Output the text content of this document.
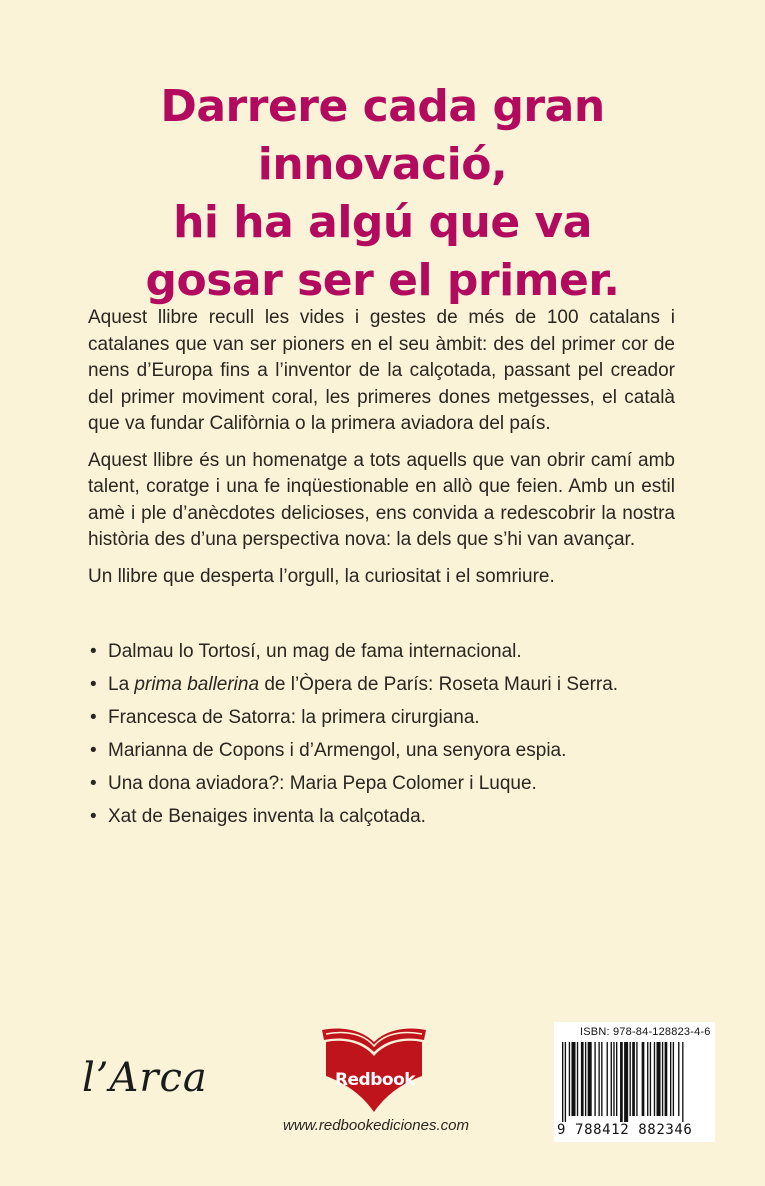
Darrere cada gran
innovació,
hi ha algú que va
gosar ser el primer.

Aquest llibre recull les vides i gestes de més de 100 catalans i catalanes que van ser pioners en el seu àmbit: des del primer cor de nens d’Europa fins a l’inventor de la calçotada, passant pel creador del primer moviment coral, les primeres dones metgesses, el català que va fundar Califòrnia o la primera aviadora del país.

Aquest llibre és un homenatge a tots aquells que van obrir camí amb talent, coratge i una fe inqüestionable en allò que feien. Amb un estil amè i ple d’anècdotes delicioses, ens convida a redescobrir la nostra història des d’una perspectiva nova: la dels que s’hi van avançar.

Un llibre que desperta l’orgull, la curiositat i el somriure.

• Dalmau lo Tortosí, un mag de fama internacional.
• La prima ballerina de l’Òpera de París: Roseta Mauri i Serra.
• Francesca de Satorra: la primera cirurgiana.
• Marianna de Copons i d’Armengol, una senyora espia.
• Una dona aviadora?: Maria Pepa Colomer i Luque.
• Xat de Benaiges inventa la calçotada.
l’Arca	Redbook
www.redbookediciones.com
ISBN: 978-84-128823-4-6
9 788412 882346
